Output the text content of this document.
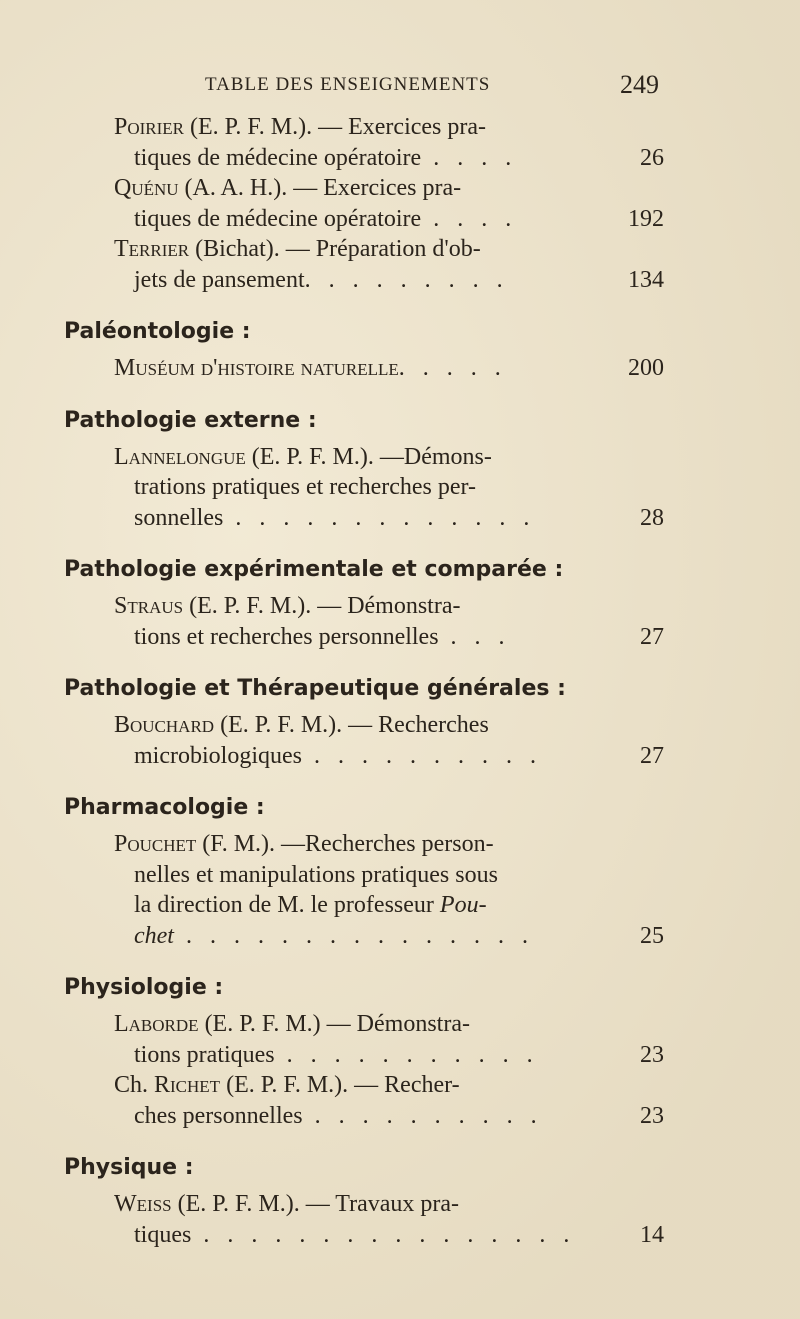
TABLE DES ENSEIGNEMENTS	249
Poirier (E. P. F. M.). — Exercices pra-
tiques de médecine opératoire . . . .	26
Quénu (A. A. H.). — Exercices pra-
tiques de médecine opératoire . . . .	192
Terrier (Bichat). — Préparation d'ob-
jets de pansement. . . . . . . . .	134
Paléontologie :
Muséum d'histoire naturelle. . . . .	200
Pathologie externe :
Lannelongue (E. P. F. M.). —Démons-
trations pratiques et recherches per-
sonnelles . . . . . . . . . . . . .	28
Pathologie expérimentale et comparée :
Straus (E. P. F. M.). — Démonstra-
tions et recherches personnelles . . .	27
Pathologie et Thérapeutique générales :
Bouchard (E. P. F. M.). — Recherches
microbiologiques . . . . . . . . . .	27
Pharmacologie :
Pouchet (F. M.). —Recherches person-
nelles et manipulations pratiques sous
la direction de M. le professeur Pou-
chet . . . . . . . . . . . . . . .	25
Physiologie :
Laborde (E. P. F. M.) — Démonstra-
tions pratiques . . . . . . . . . . .	23
Ch. Richet (E. P. F. M.). — Recher-
ches personnelles . . . . . . . . . .	23
Physique :
Weiss (E. P. F. M.). — Travaux pra-
tiques . . . . . . . . . . . . . . . .	14
